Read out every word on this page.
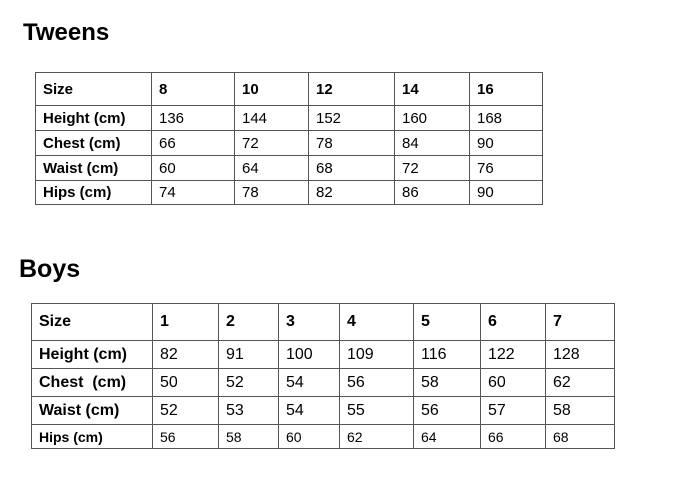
Tweens
Size	8	10	12	14	16
Height (cm)	136	144	152	160	168
Chest (cm)	66	72	78	84	90
Waist (cm)	60	64	68	72	76
Hips (cm)	74	78	82	86	90
Boys
Size	1	2	3	4	5	6	7
Height (cm)	82	91	100	109	116	122	128
Chest  (cm)	50	52	54	56	58	60	62
Waist (cm)	52	53	54	55	56	57	58
Hips (cm)	56	58	60	62	64	66	68
